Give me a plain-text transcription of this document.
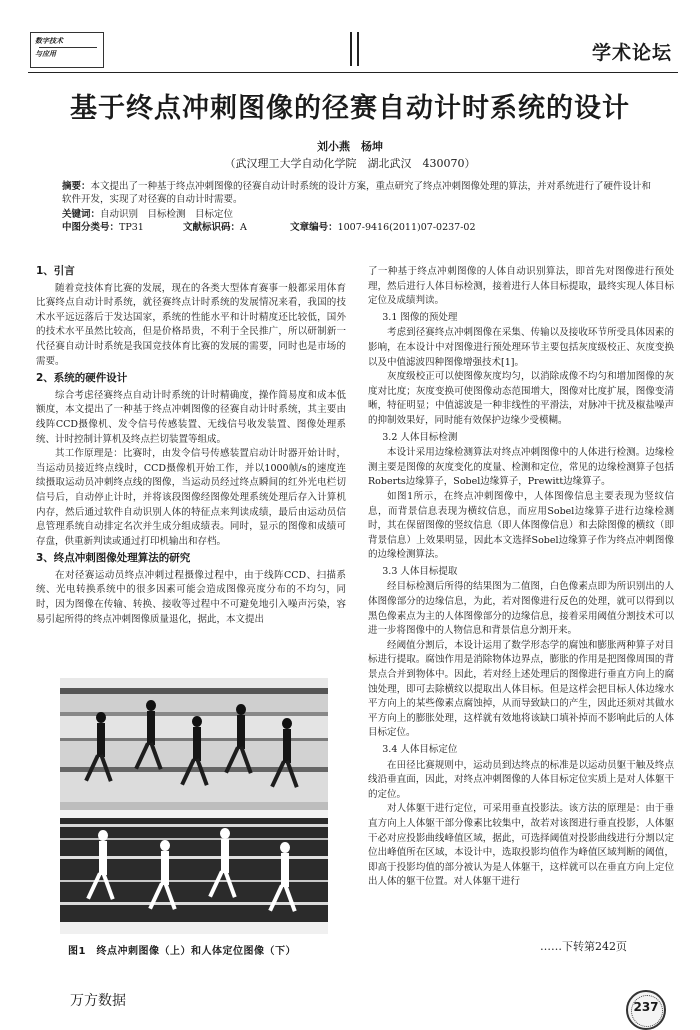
数字技术
与应用	学术论坛
基于终点冲刺图像的径赛自动计时系统的设计
刘小燕　杨坤
（武汉理工大学自动化学院　湖北武汉　430070）
摘要：本文提出了一种基于终点冲刺图像的径赛自动计时系统的设计方案，重点研究了终点冲刺图像处理的算法，并对系统进行了硬件设计和软件开发，实现了对径赛的自动计时需要。
关键词：自动识别　目标检测　目标定位
中图分类号：TP31	文献标识码：A	文章编号：1007-9416(2011)07-0237-02
1、引言

随着竞技体育比赛的发展，现在的各类大型体育赛事一般都采用体育比赛终点自动计时系统，就径赛终点计时系统的发展情况来看，我国的技术水平远远落后于发达国家，系统的性能水平和计时精度还比较低，国外的技术水平虽然比较高，但是价格昂贵，不利于全民推广，所以研制新一代径赛自动计时系统是我国竞技体育比赛的发展的需要，同时也是市场的需要。

2、系统的硬件设计

综合考虑径赛终点自动计时系统的计时精确度，操作简易度和成本低额度，本文提出了一种基于终点冲刺图像的径赛自动计时系统，其主要由线阵CCD摄像机、发令信号传感装置、无线信号收发装置、图像处理系统、计时控制计算机及终点拦切装置等组成。

其工作原理是：比赛时，由发令信号传感装置启动计时器开始计时，当运动员接近终点线时，CCD摄像机开始工作，并以1000帧/s的速度连续摄取运动员冲刺终点线的图像，当运动员经过终点瞬间的红外光电栏切信号后，自动停止计时，并将该段图像经图像处理系统处理后存入计算机内存，然后通过软件自动识别人体的特征点来判读成绩，最后由运动员信息管理系统自动排定名次并生成分组成绩表。同时，显示的图像和成绩可存盘，供重新判读或通过打印机输出和存档。

3、终点冲刺图像处理算法的研究

在对径赛运动员终点冲刺过程摄像过程中，由于线阵CCD、扫描系统、光电转换系统中的很多因素可能会造成图像亮度分布的不均匀，同时，因为图像在传输、转换、接收等过程中不可避免地引入噪声污染，容易引起所得的终点冲刺图像质量退化，据此，本文提出

图1　终点冲刺图像（上）和人体定位图像（下）

了一种基于终点冲刺图像的人体自动识别算法，即首先对图像进行预处理，然后进行人体目标检测，接着进行人体目标提取，最终实现人体目标定位及成绩判读。

3.1 图像的预处理

考虑到径赛终点冲刺图像在采集、传输以及接收环节所受具体因素的影响，在本设计中对图像进行预处理环节主要包括灰度级校正、灰度变换以及中值滤波四种图像增强技术[1]。

灰度级校正可以使图像灰度均匀，以消除成像不均匀和增加图像的灰度对比度；灰度变换可使图像动态范围增大，图像对比度扩展，图像变清晰，特征明显；中值滤波是一种非线性的平滑法，对脉冲干扰及椒盐噪声的抑制效果好，同时能有效保护边缘少受模糊。

3.2 人体目标检测

本设计采用边缘检测算法对终点冲刺图像中的人体进行检测。边缘检测主要是图像的灰度变化的度量、检测和定位，常见的边缘检测算子包括Roberts边缘算子，Sobel边缘算子，Prewitt边缘算子。

如图1所示，在终点冲刺图像中，人体图像信息主要表现为竖纹信息，而背景信息表现为横纹信息，而应用Sobel边缘算子进行边缘检测时，其在保留图像的竖纹信息（即人体图像信息）和去除图像的横纹（即背景信息）上效果明显，因此本文选择Sobel边缘算子作为终点冲刺图像的边缘检测算法。

3.3 人体目标提取

经目标检测后所得的结果图为二值图，白色像素点即为所识别出的人体图像部分的边缘信息，为此，若对图像进行反色的处理，就可以得到以黑色像素点为主的人体图像部分的边缘信息，接着采用阈值分割技术可以进一步将图像中的人物信息和背景信息分割开来。

经阈值分割后，本设计运用了数学形态学的腐蚀和膨胀两种算子对目标进行提取。腐蚀作用是消除物体边界点，膨胀的作用是把图像周围的背景点合并到物体中。因此，若对经上述处理后的图像进行垂直方向上的腐蚀处理，即可去除横纹以提取出人体目标。但是这样会把目标人体边缘水平方向上的某些像素点腐蚀掉，从而导致缺口的产生，因此还须对其做水平方向上的膨胀处理，这样就有效地将该缺口填补掉而不影响此后的人体目标定位。

3.4 人体目标定位

在田径比赛规则中，运动员到达终点的标准是以运动员躯干触及终点线沿垂直面，因此，对终点冲刺图像的人体目标定位实质上是对人体躯干的定位。

对人体躯干进行定位，可采用垂直投影法。该方法的原理是：由于垂直方向上人体躯干部分像素比较集中，故若对该图进行垂直投影，人体躯干必对应投影曲线峰值区域，据此，可选择阈值对投影曲线进行分割以定位出峰值所在区域，本设计中，选取投影均值作为峰值区域判断的阈值，即高于投影均值的部分被认为是人体躯干，这样就可以在垂直方向上定位出人体的躯干位置。对人体躯干进行

……下转第242页
万方数据	237
